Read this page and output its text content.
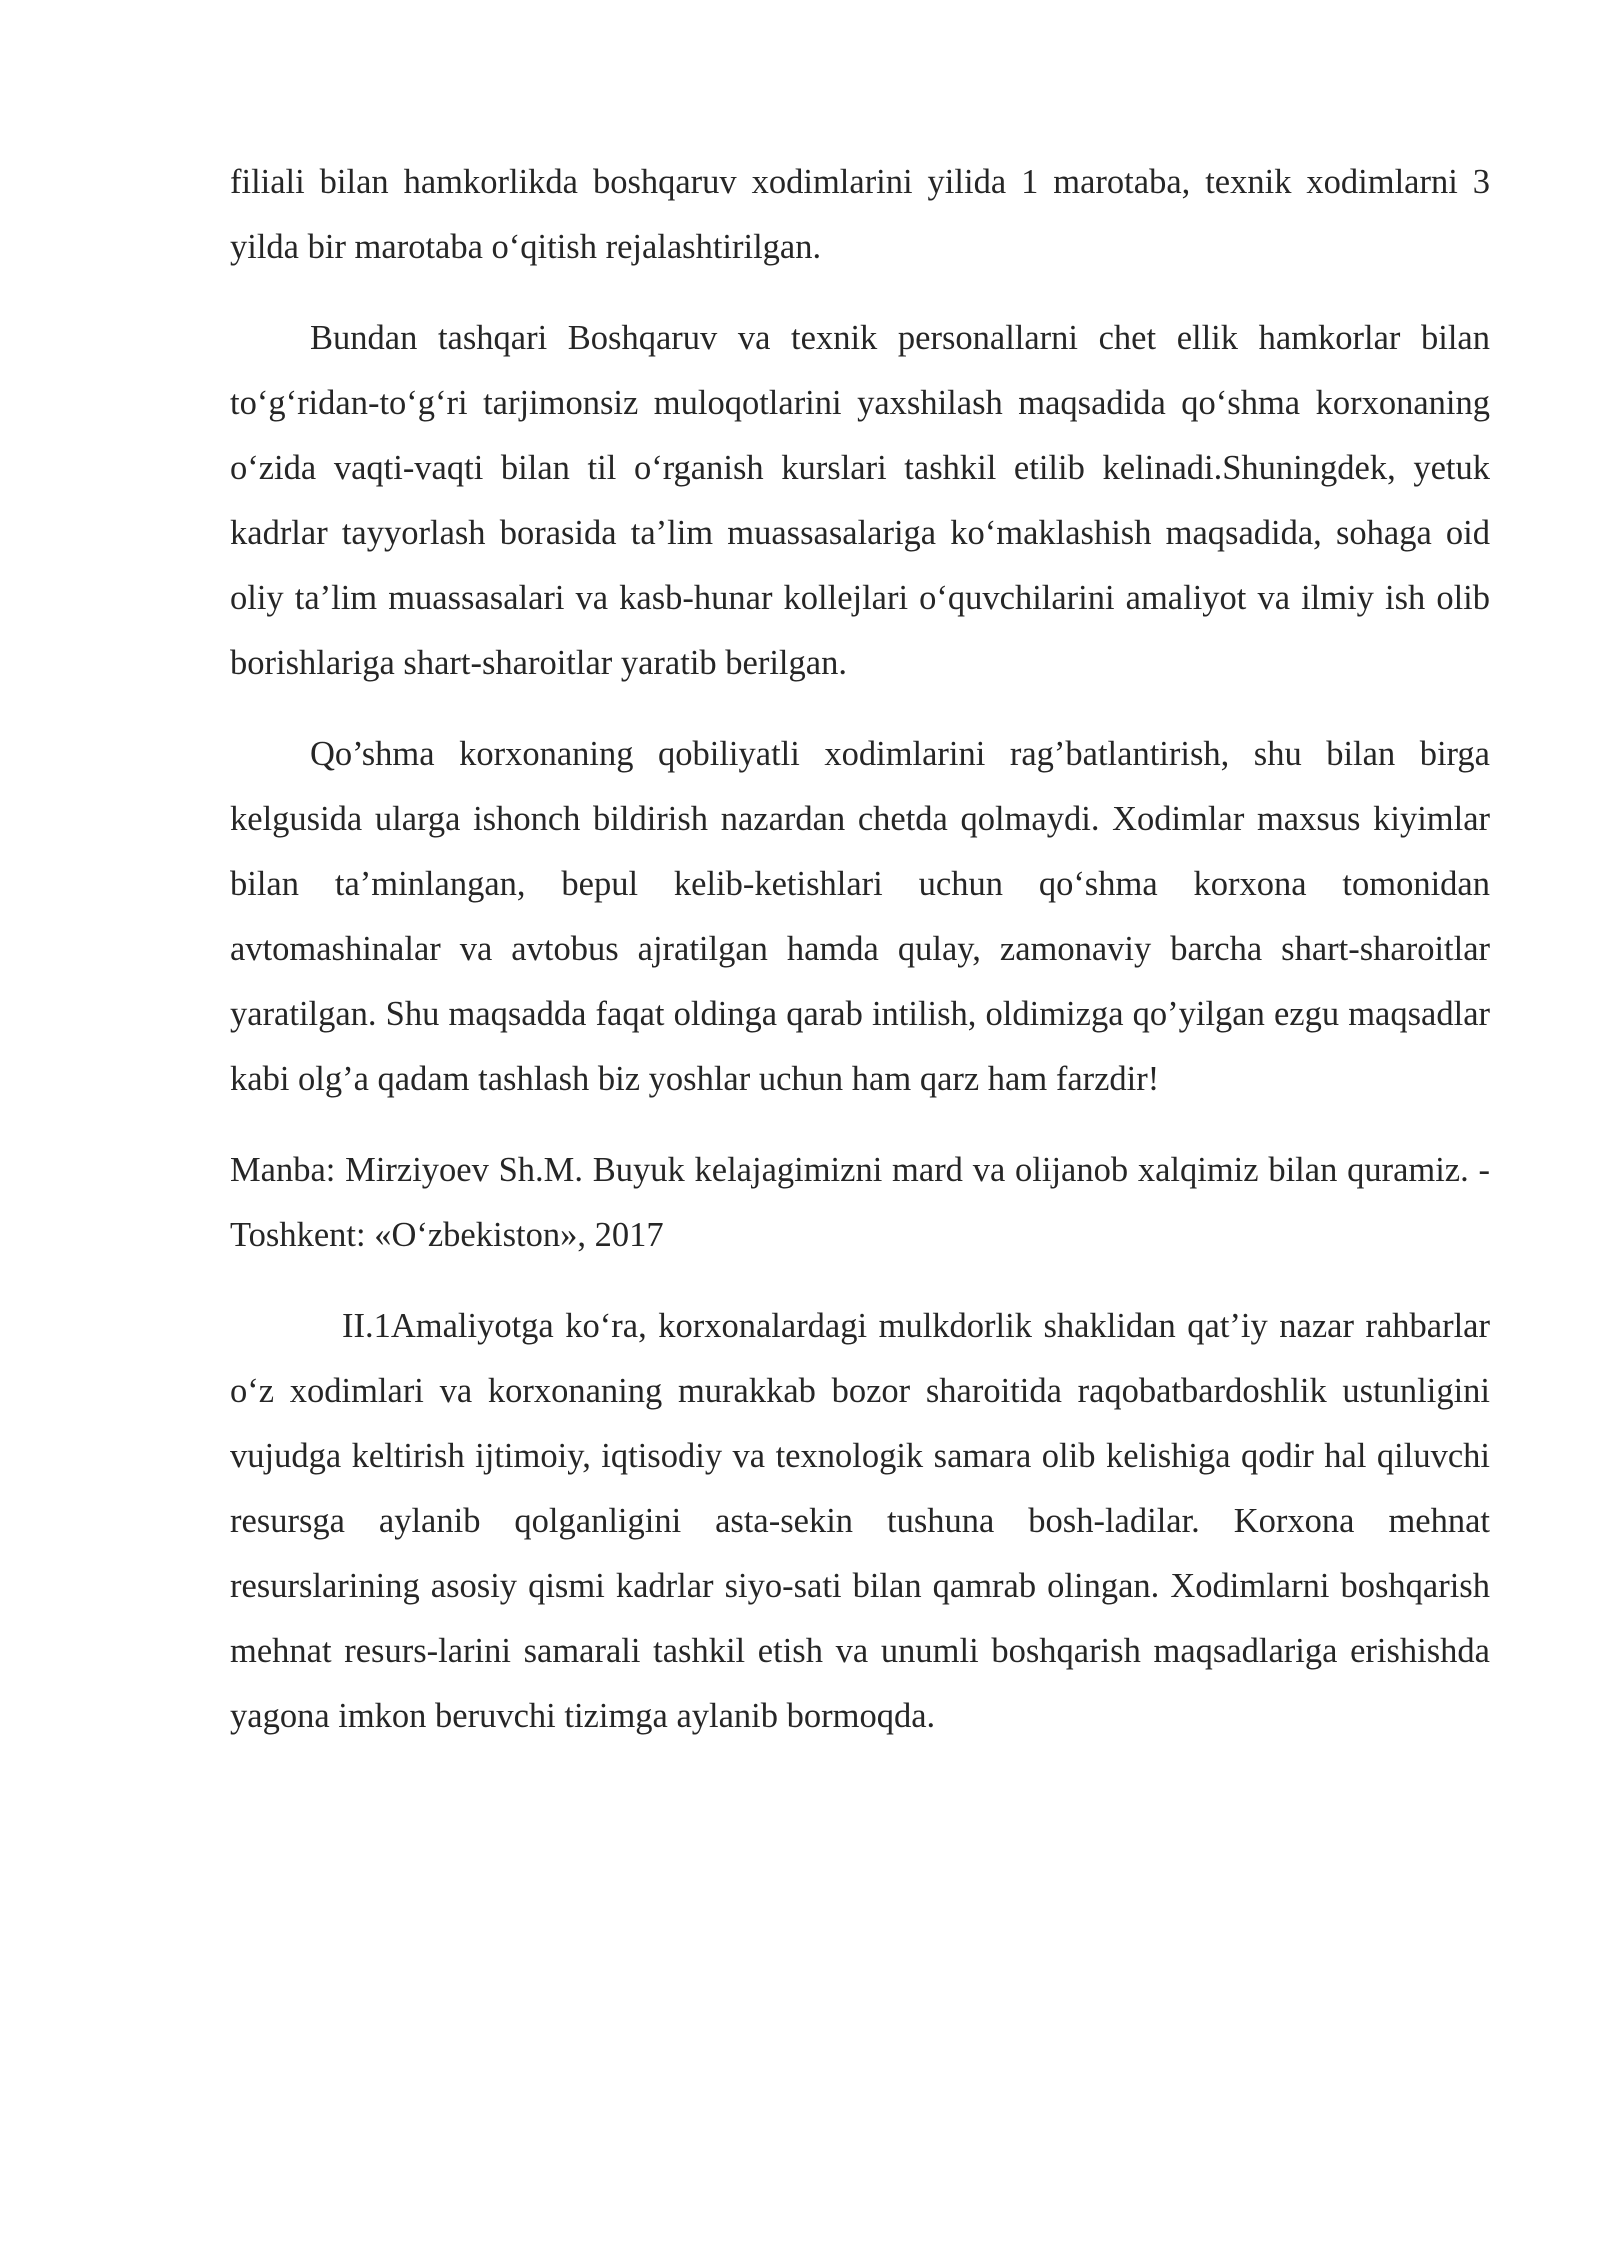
filiali bilan hamkorlikda boshqaruv xodimlarini yilida 1 marotaba, texnik xodimlarni 3 yilda bir marotaba o‘qitish rejalashtirilgan.

Bundan tashqari Boshqaruv va texnik personallarni chet ellik hamkorlar bilan to‘g‘ridan-to‘g‘ri tarjimonsiz muloqotlarini yaxshilash maqsadida qo‘shma korxonaning o‘zida vaqti-vaqti bilan til o‘rganish kurslari tashkil etilib kelinadi.Shuningdek, yetuk kadrlar tayyorlash borasida ta’lim muassasalariga ko‘maklashish maqsadida, sohaga oid oliy ta’lim muassasalari va kasb-hunar kollejlari o‘quvchilarini amaliyot va ilmiy ish olib borishlariga shart-sharoitlar yaratib berilgan.

Qo’shma korxonaning qobiliyatli xodimlarini rag’batlantirish, shu bilan birga kelgusida ularga ishonch bildirish nazardan chetda qolmaydi. Xodimlar maxsus kiyimlar bilan ta’minlangan, bepul kelib-ketishlari uchun qo‘shma korxona tomonidan avtomashinalar va avtobus ajratilgan hamda qulay, zamonaviy barcha shart-sharoitlar yaratilgan. Shu maqsadda faqat oldinga qarab intilish, oldimizga qo’yilgan ezgu maqsadlar kabi olg’a qadam tashlash biz yoshlar uchun ham qarz ham farzdir!

Manba: Mirziyoev Sh.M. Buyuk kelajagimizni mard va olijanob xalqimiz bilan quramiz. - Toshkent: «O‘zbekiston», 2017

II.1Amaliyotga ko‘ra, korxonalardagi mulkdorlik shaklidan qat’iy nazar rahbarlar o‘z xodimlari va korxonaning murakkab bozor sharoitida raqobatbardoshlik ustunligini vujudga keltirish ijtimoiy, iqtisodiy va texnologik samara olib kelishiga qodir hal qiluvchi resursga aylanib qolganligini asta-sekin tushuna bosh-ladilar. Korxona mehnat resurslarining asosiy qismi kadrlar siyo-sati bilan qamrab olingan. Xodimlarni boshqarish mehnat resurs-larini samarali tashkil etish va unumli boshqarish maqsadlariga erishishda yagona imkon beruvchi tizimga aylanib bormoqda.
